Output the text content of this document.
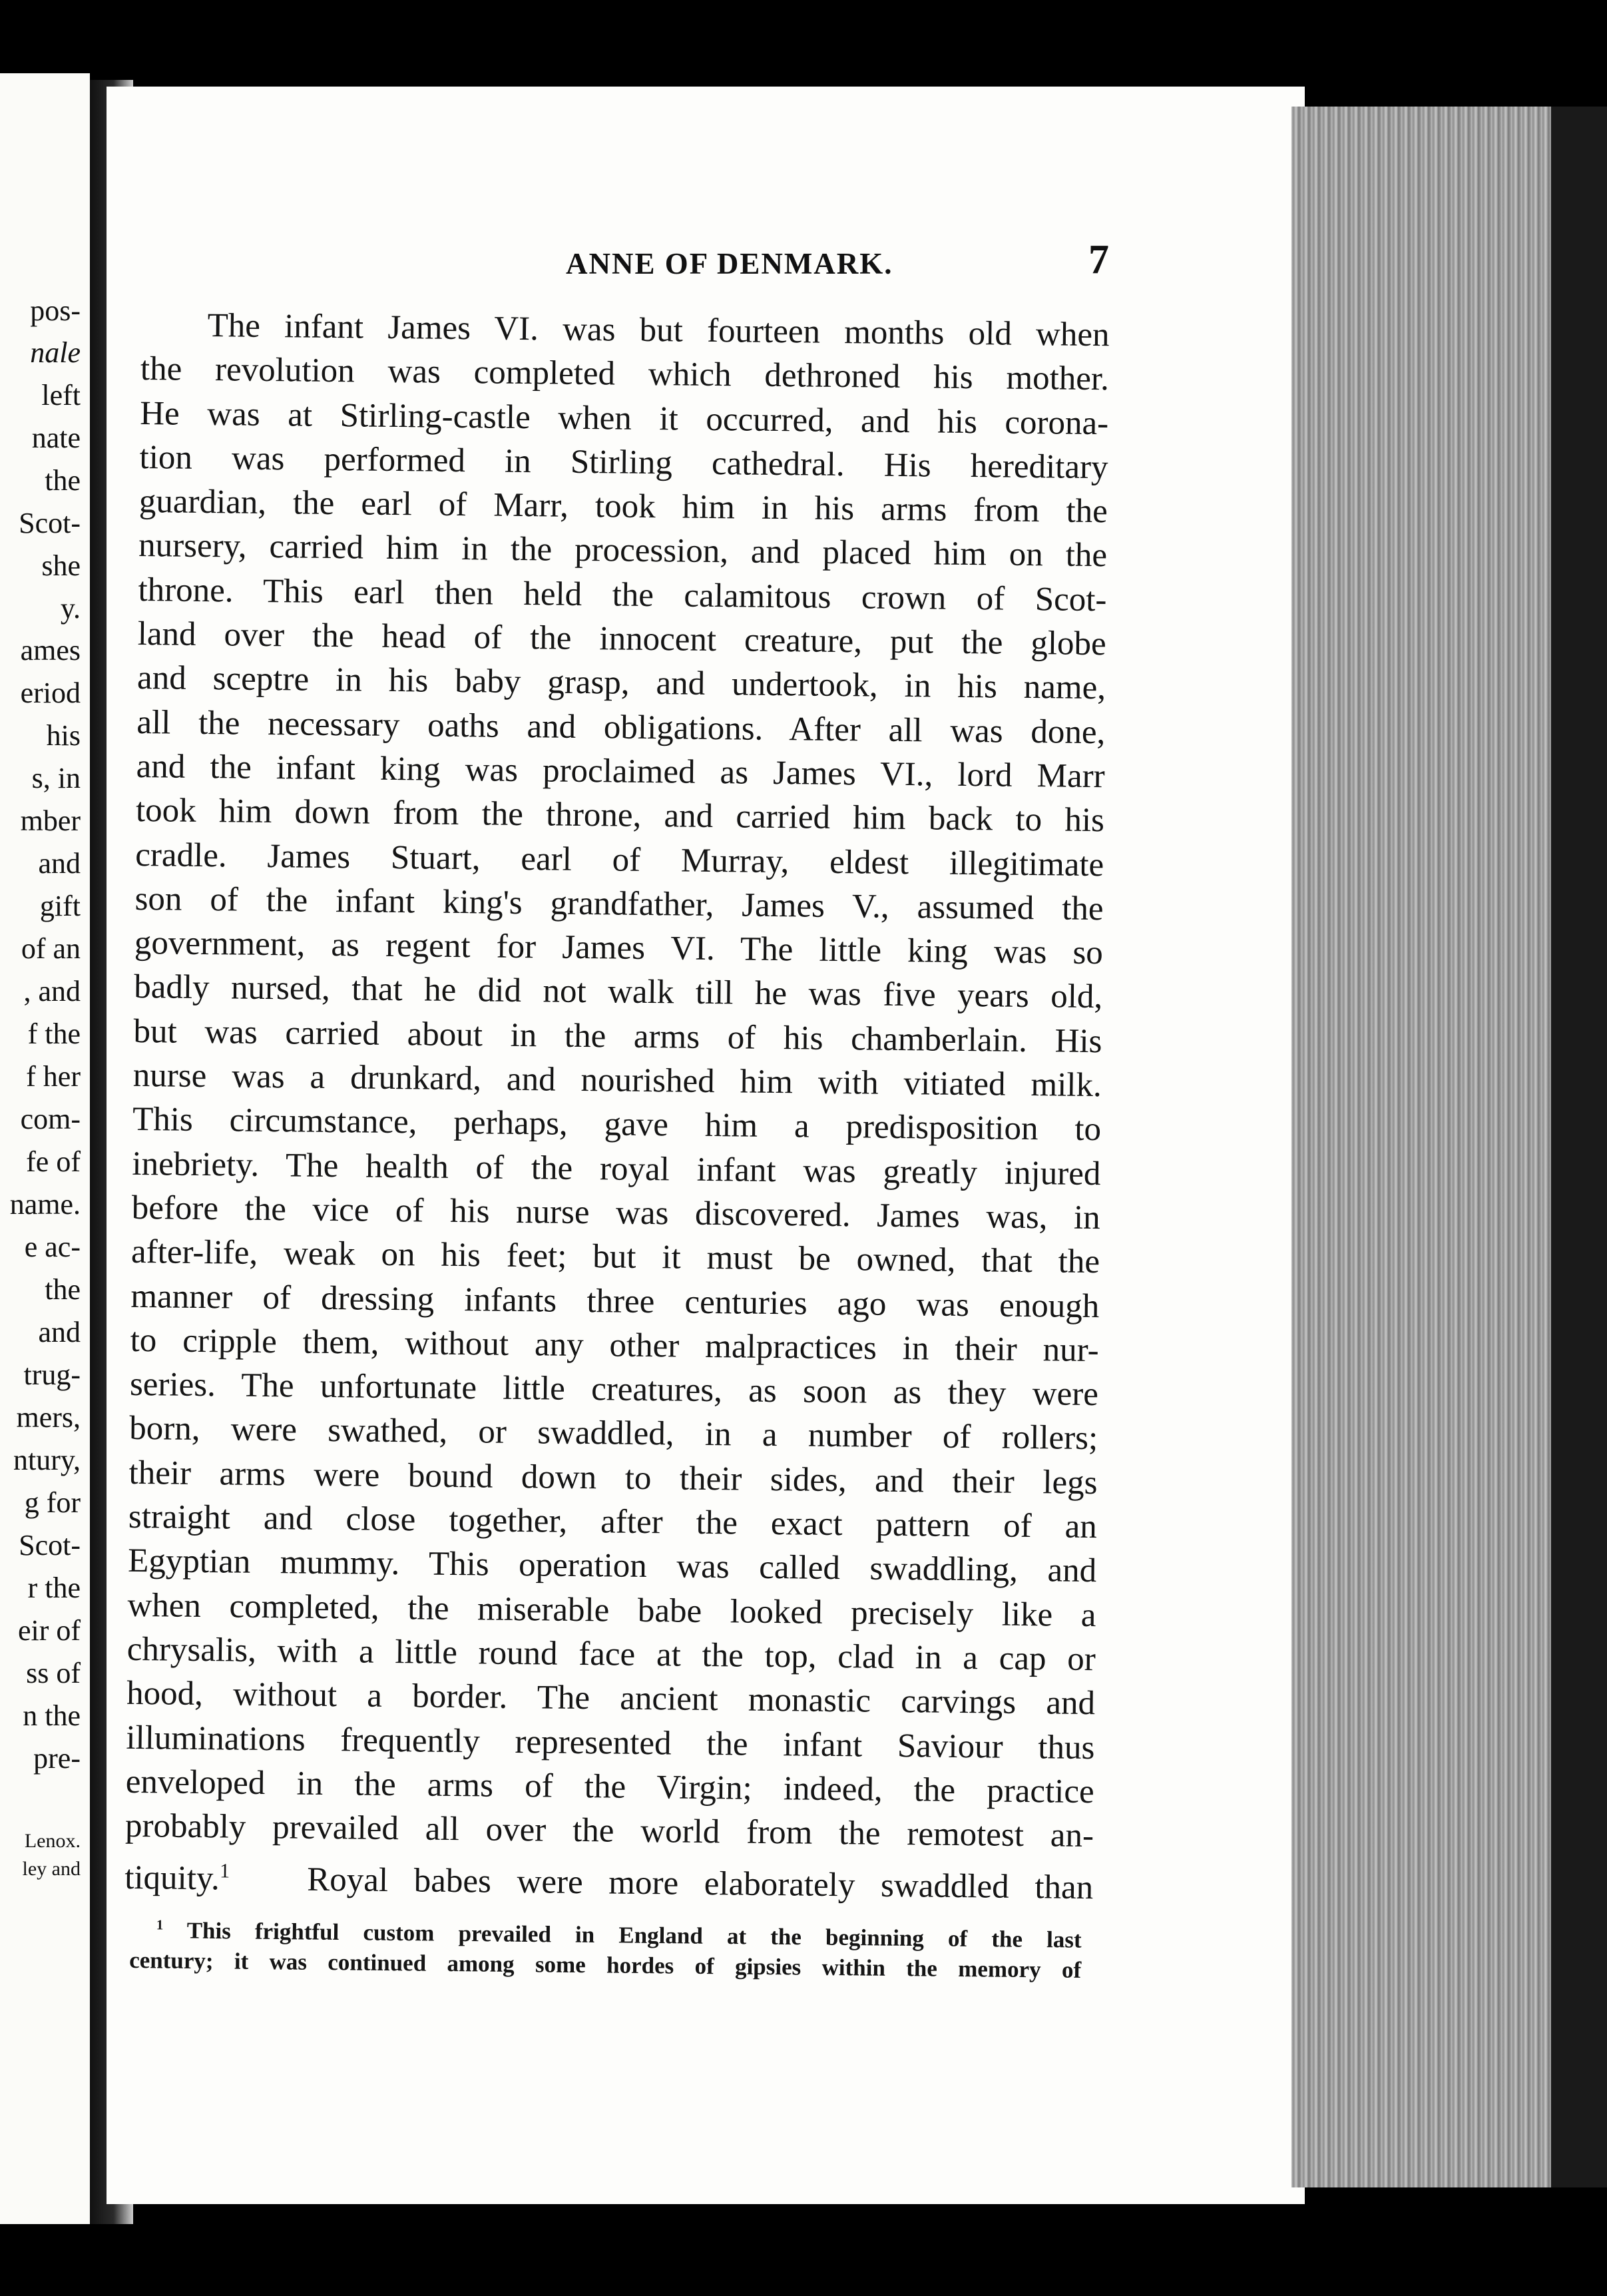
pos-
nale
left
nate
the
Scot-
she
y.
ames
eriod
his
s, in
mber
and
gift
of an
, and
f the
f her
com-
fe of
name.
e ac-
the
and
trug-
mers,
ntury,
g for
Scot-
r the
eir of
ss of
n the
pre-
Lenox.
ley and
ANNE OF DENMARK.	7
The infant James VI. was but fourteen months old when
the revolution was completed which dethroned his mother.
He was at Stirling-castle when it occurred, and his corona-
tion was performed in Stirling cathedral. His hereditary
guardian, the earl of Marr, took him in his arms from the
nursery, carried him in the procession, and placed him on the
throne. This earl then held the calamitous crown of Scot-
land over the head of the innocent creature, put the globe
and sceptre in his baby grasp, and undertook, in his name,
all the necessary oaths and obligations. After all was done,
and the infant king was proclaimed as James VI., lord Marr
took him down from the throne, and carried him back to his
cradle. James Stuart, earl of Murray, eldest illegitimate
son of the infant king's grandfather, James V., assumed the
government, as regent for James VI. The little king was so
badly nursed, that he did not walk till he was five years old,
but was carried about in the arms of his chamberlain. His
nurse was a drunkard, and nourished him with vitiated milk.
This circumstance, perhaps, gave him a predisposition to
inebriety. The health of the royal infant was greatly injured
before the vice of his nurse was discovered. James was, in
after-life, weak on his feet; but it must be owned, that the
manner of dressing infants three centuries ago was enough
to cripple them, without any other malpractices in their nur-
series. The unfortunate little creatures, as soon as they were
born, were swathed, or swaddled, in a number of rollers;
their arms were bound down to their sides, and their legs
straight and close together, after the exact pattern of an
Egyptian mummy. This operation was called swaddling, and
when completed, the miserable babe looked precisely like a
chrysalis, with a little round face at the top, clad in a cap or
hood, without a border. The ancient monastic carvings and
illuminations frequently represented the infant Saviour thus
enveloped in the arms of the Virgin; indeed, the practice
probably prevailed all over the world from the remotest an-
tiquity.$^1$ Royal babes were more elaborately swaddled than
$^1$ This frightful custom prevailed in England at the beginning of the last
century; it was continued among some hordes of gipsies within the memory of
